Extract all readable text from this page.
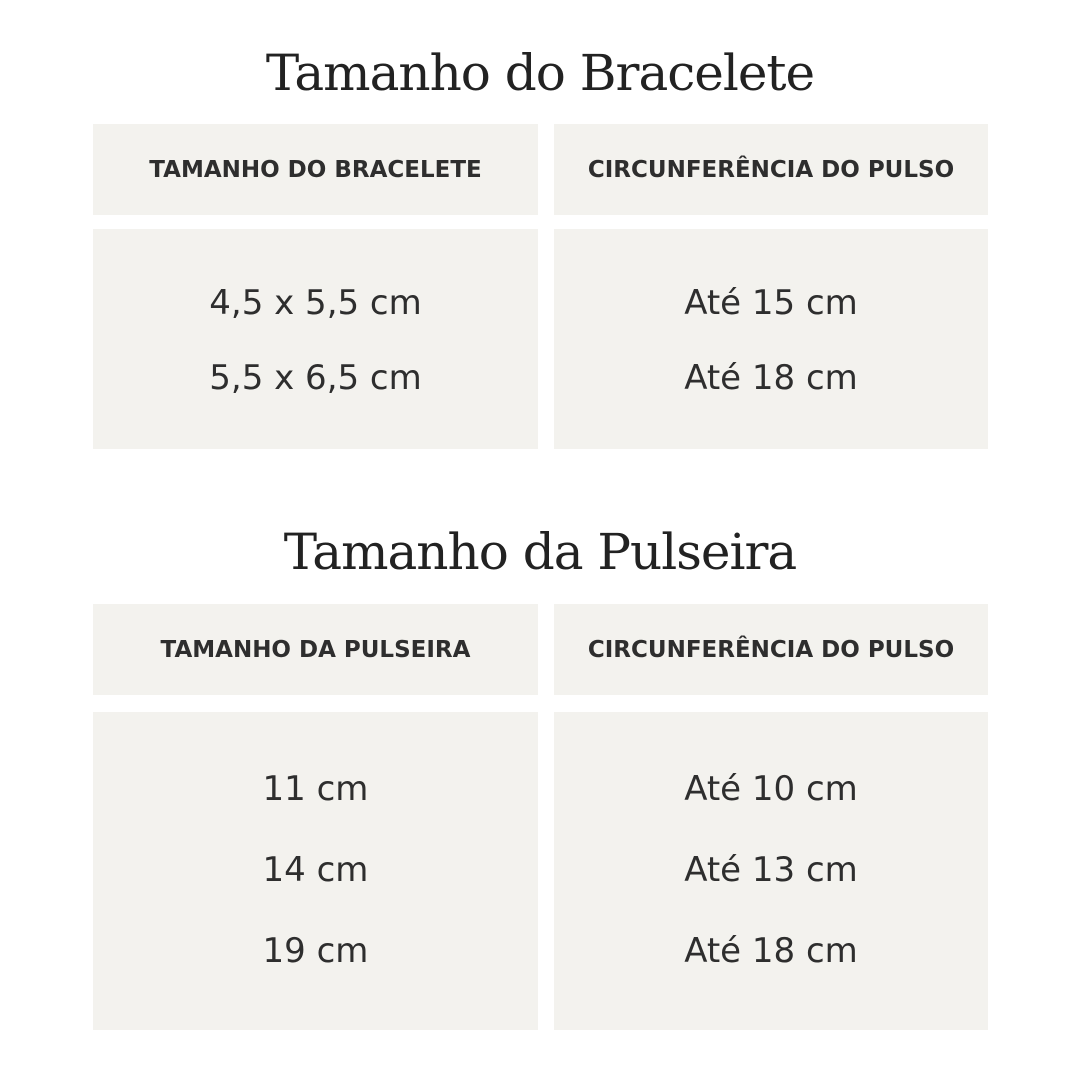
Tamanho do Bracelete
TAMANHO DO BRACELETE	CIRCUNFERÊNCIA DO PULSO
4,5 x 5,5 cm
5,5 x 6,5 cm
Até 15 cm
Até 18 cm
Tamanho da Pulseira
TAMANHO DA PULSEIRA	CIRCUNFERÊNCIA DO PULSO
11 cm
14 cm
19 cm
Até 10 cm
Até 13 cm
Até 18 cm
